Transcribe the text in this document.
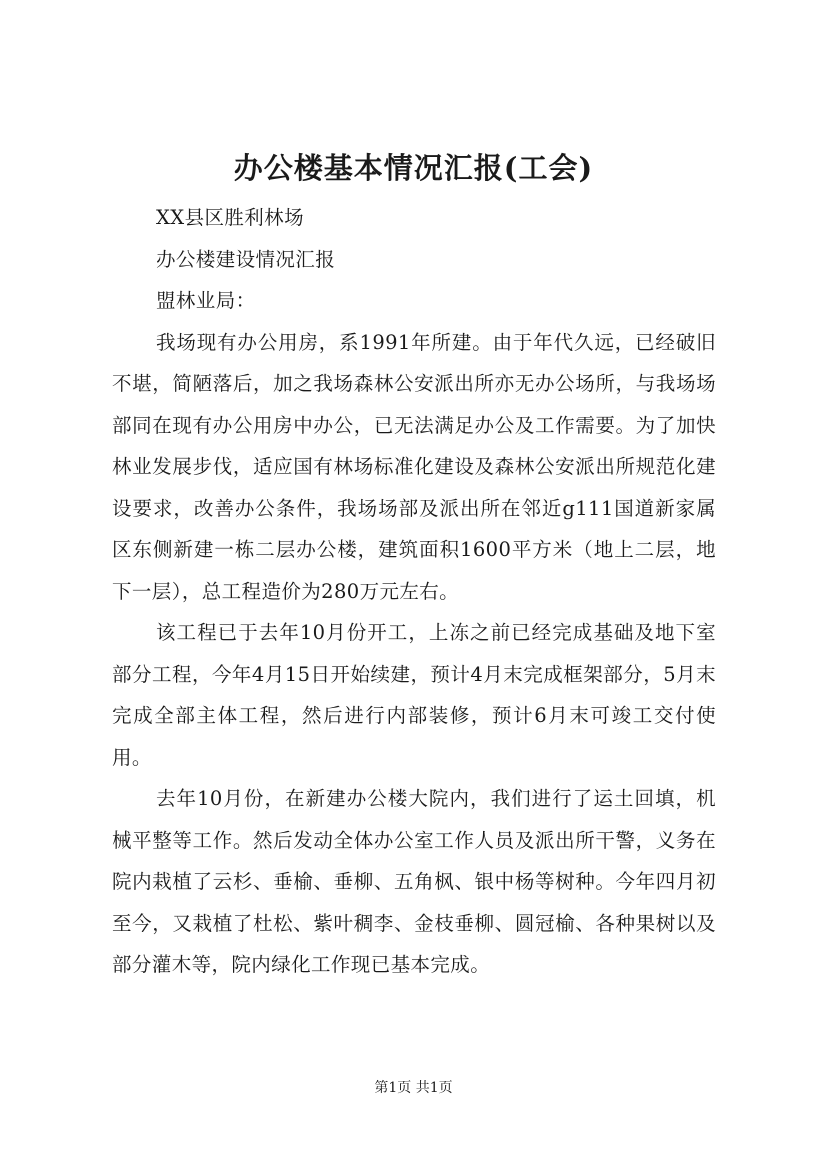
办公楼基本情况汇报(工会)
XX县区胜利林场
办公楼建设情况汇报
盟林业局：

我场现有办公用房，系1991年所建。由于年代久远，已经破旧不堪，简陋落后，加之我场森林公安派出所亦无办公场所，与我场场部同在现有办公用房中办公，已无法满足办公及工作需要。为了加快林业发展步伐，适应国有林场标准化建设及森林公安派出所规范化建设要求，改善办公条件，我场场部及派出所在邻近g111国道新家属区东侧新建一栋二层办公楼，建筑面积1600平方米（地上二层，地下一层），总工程造价为280万元左右。

该工程已于去年10月份开工，上冻之前已经完成基础及地下室部分工程，今年4月15日开始续建，预计4月末完成框架部分，5月末完成全部主体工程，然后进行内部装修，预计6月末可竣工交付使用。

去年10月份，在新建办公楼大院内，我们进行了运土回填，机械平整等工作。然后发动全体办公室工作人员及派出所干警，义务在院内栽植了云杉、垂榆、垂柳、五角枫、银中杨等树种。今年四月初至今，又栽植了杜松、紫叶稠李、金枝垂柳、圆冠榆、各种果树以及部分灌木等，院内绿化工作现已基本完成。

第1页 共1页
